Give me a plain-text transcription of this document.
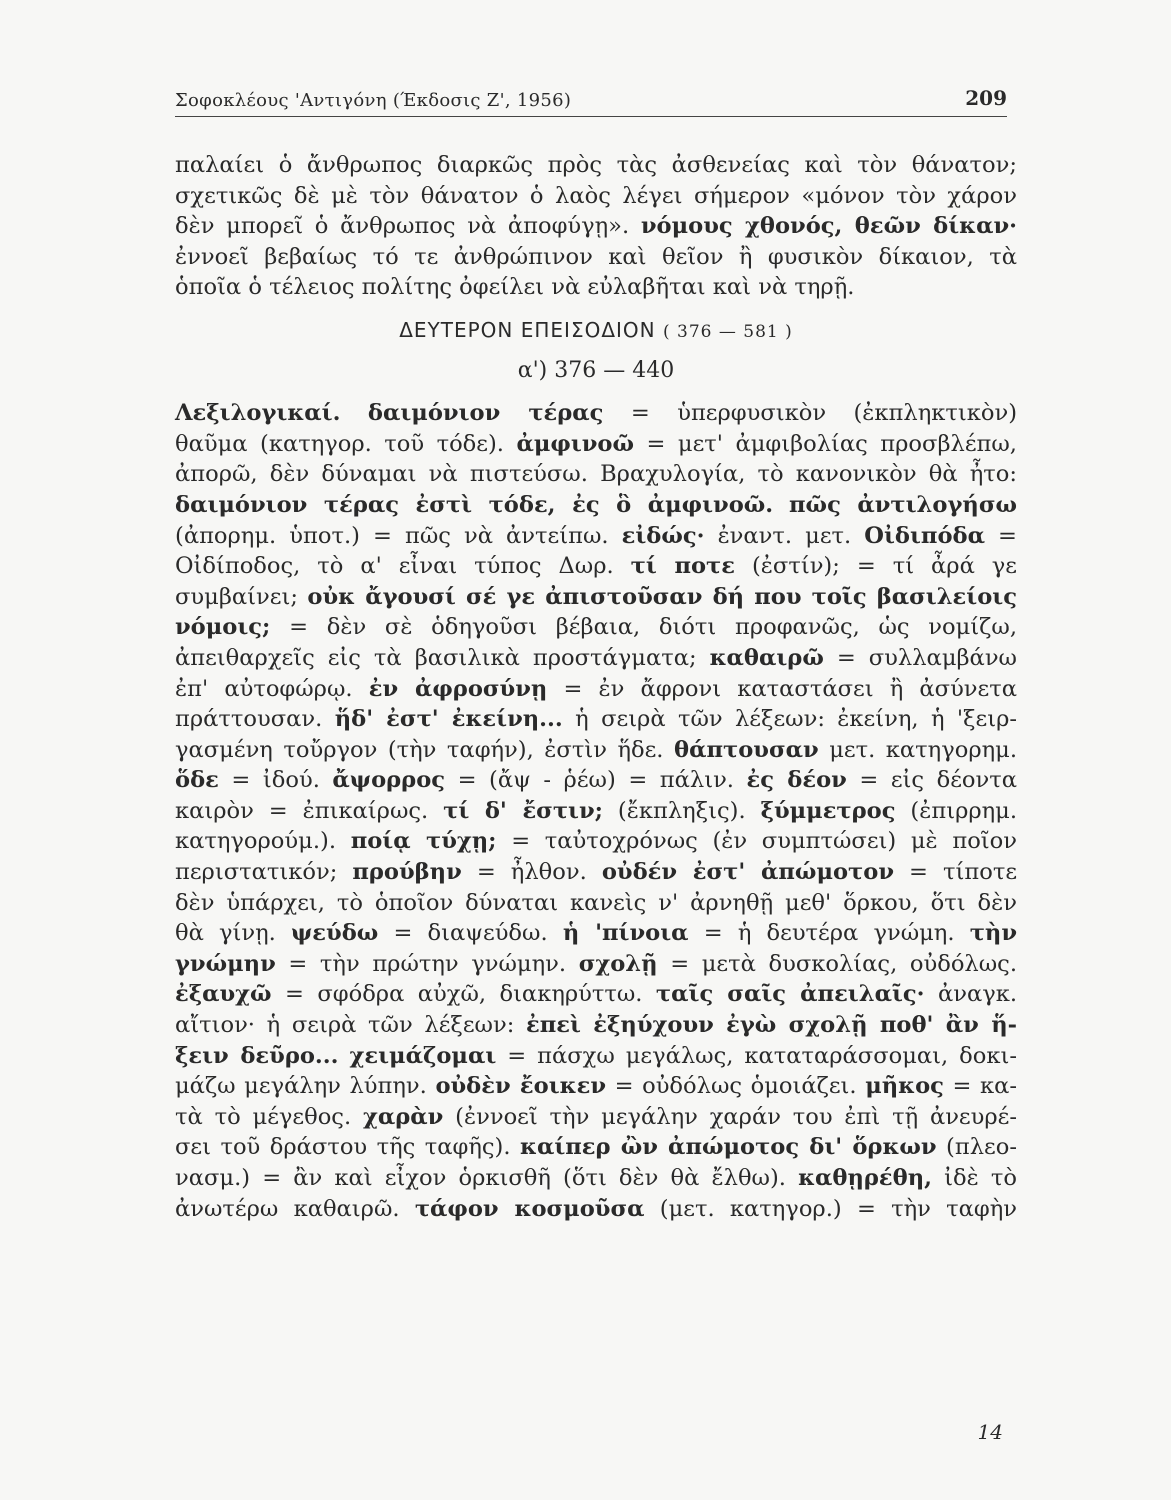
Σοφοκλέους 'Αντιγόνη (Έκδοσις Ζ', 1956)	209

παλαίει ὁ ἄνθρωπος διαρκῶς πρὸς τὰς ἀσθενείας καὶ τὸν θάνατον;

σχετικῶς δὲ μὲ τὸν θάνατον ὁ λαὸς λέγει σήμερον «μόνον τὸν χάρον

δὲν μπορεῖ ὁ ἄνθρωπος νὰ ἀποφύγῃ». νόμους χθονός, θεῶν δίκαν·

ἐννοεῖ βεβαίως τό τε ἀνθρώπινον καὶ θεῖον ἢ φυσικὸν δίκαιον, τὰ

ὁποῖα ὁ τέλειος πολίτης ὀφείλει νὰ εὐλαβῆται καὶ νὰ τηρῇ.

ΔΕΥΤΕΡΟΝ ΕΠΕΙΣΟΔΙΟΝ ( 376 — 581 )
α') 376 — 440

Λεξιλογικαί. δαιμόνιον τέρας = ὑπερφυσικὸν (ἐκπληκτικὸν)

θαῦμα (κατηγορ. τοῦ τόδε). ἀμφινοῶ = μετ' ἀμφιβολίας προσβλέπω,

ἀπορῶ, δὲν δύναμαι νὰ πιστεύσω. Βραχυλογία, τὸ κανονικὸν θὰ ἦτο:

δαιμόνιον τέρας ἐστὶ τόδε, ἐς ὃ ἀμφινοῶ. πῶς ἀντιλογήσω

(ἀπορημ. ὑποτ.) = πῶς νὰ ἀντείπω. εἰδώς· ἐναντ. μετ. Οἰδιπόδα =

Οἰδίποδος, τὸ α' εἶναι τύπος Δωρ. τί ποτε (ἐστίν); = τί ἆρά γε

συμβαίνει; οὐκ ἄγουσί σέ γε ἀπιστοῦσαν δή που τοῖς βασιλείοις

νόμοις; = δὲν σὲ ὁδηγοῦσι βέβαια, διότι προφανῶς, ὡς νομίζω,

ἀπειθαρχεῖς εἰς τὰ βασιλικὰ προστάγματα; καθαιρῶ = συλλαμβάνω

ἐπ' αὐτοφώρῳ. ἐν ἀφροσύνῃ = ἐν ἄφρονι καταστάσει ἢ ἀσύνετα

πράττουσαν. ἥδ' ἐστ' ἐκείνη... ἡ σειρὰ τῶν λέξεων: ἐκείνη, ἡ 'ξειρ-

γασμένη τοὔργον (τὴν ταφήν), ἐστὶν ἥδε. θάπτουσαν μετ. κατηγορημ.

ὅδε = ἰδού. ἄψορρος = (ἄψ - ῥέω) = πάλιν. ἐς δέον = εἰς δέοντα

καιρὸν = ἐπικαίρως. τί δ' ἔστιν; (ἔκπληξις). ξύμμετρος (ἐπιρρημ.

κατηγορούμ.). ποίᾳ τύχῃ; = ταὐτοχρόνως (ἐν συμπτώσει) μὲ ποῖον

περιστατικόν; προύβην = ἦλθον. οὐδέν ἐστ' ἀπώμοτον = τίποτε

δὲν ὑπάρχει, τὸ ὁποῖον δύναται κανεὶς ν' ἀρνηθῇ μεθ' ὅρκου, ὅτι δὲν

θὰ γίνῃ. ψεύδω = διαψεύδω. ἡ 'πίνοια = ἡ δευτέρα γνώμη. τὴν

γνώμην = τὴν πρώτην γνώμην. σχολῇ = μετὰ δυσκολίας, οὐδόλως.

ἐξαυχῶ = σφόδρα αὐχῶ, διακηρύττω. ταῖς σαῖς ἀπειλαῖς· ἀναγκ.

αἴτιον· ἡ σειρὰ τῶν λέξεων: ἐπεὶ ἐξηύχουν ἐγὼ σχολῇ ποθ' ἂν ἥ-

ξειν δεῦρο... χειμάζομαι = πάσχω μεγάλως, καταταράσσομαι, δοκι-

μάζω μεγάλην λύπην. οὐδὲν ἔοικεν = οὐδόλως ὁμοιάζει. μῆκος = κα-

τὰ τὸ μέγεθος. χαρὰν (ἐννοεῖ τὴν μεγάλην χαράν του ἐπὶ τῇ ἀνευρέ-

σει τοῦ δράστου τῆς ταφῆς). καίπερ ὢν ἀπώμοτος δι' ὅρκων (πλεο-

νασμ.) = ἂν καὶ εἶχον ὁρκισθῆ (ὅτι δὲν θὰ ἔλθω). καθῃρέθη, ἰδὲ τὸ

ἀνωτέρω καθαιρῶ. τάφον κοσμοῦσα (μετ. κατηγορ.) = τὴν ταφὴν

14
